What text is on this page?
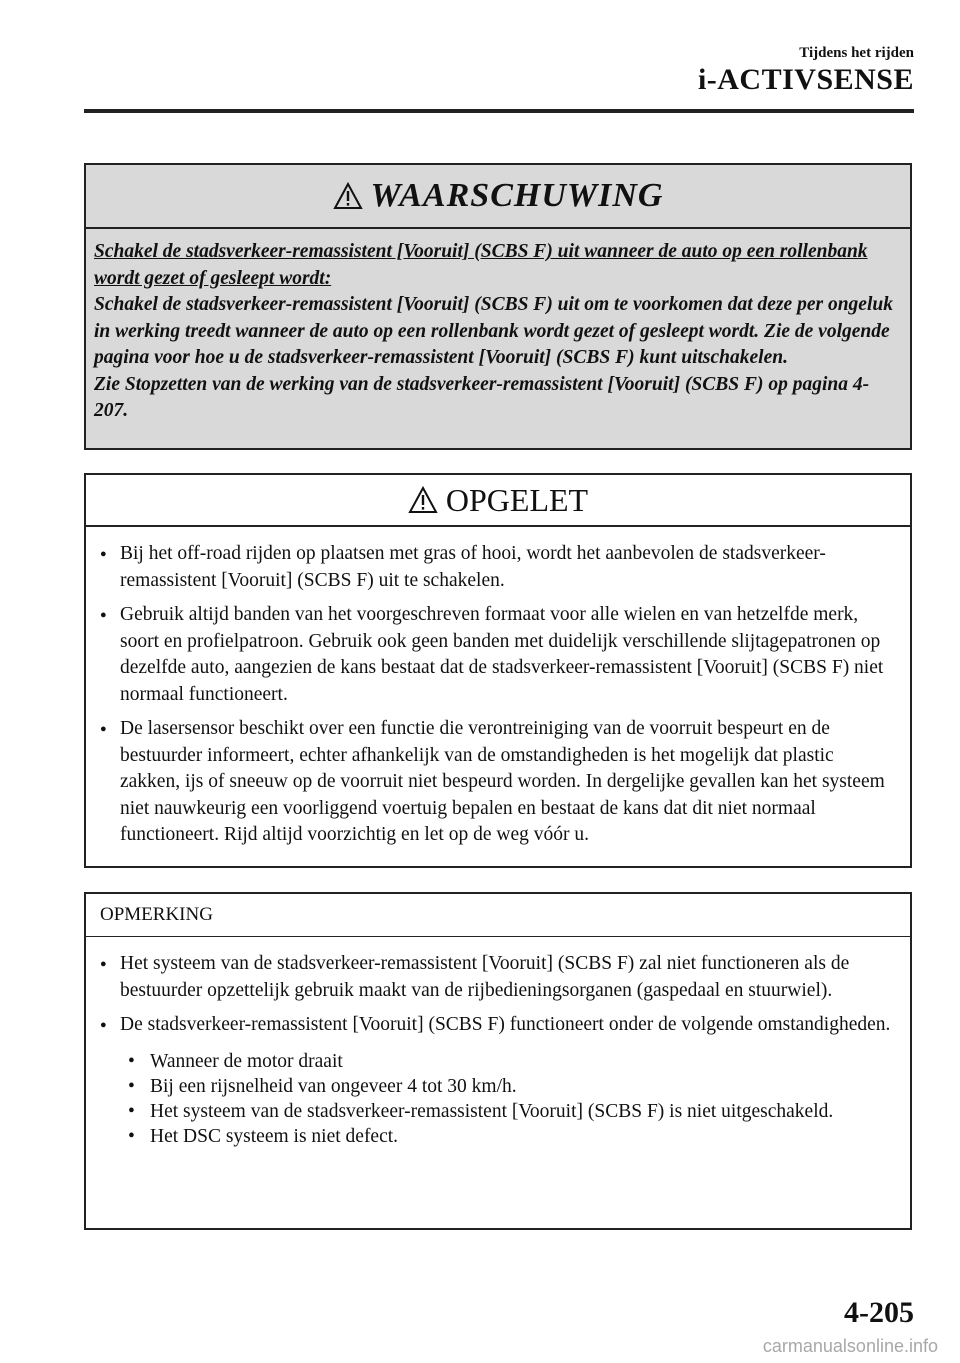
Tijdens het rijden
i-ACTIVSENSE
WAARSCHUWING
Schakel de stadsverkeer-remassistent [Vooruit] (SCBS F) uit wanneer de auto op een rollenbank wordt gezet of gesleept wordt:
Schakel de stadsverkeer-remassistent [Vooruit] (SCBS F) uit om te voorkomen dat deze per ongeluk in werking treedt wanneer de auto op een rollenbank wordt gezet of gesleept wordt. Zie de volgende pagina voor hoe u de stadsverkeer-remassistent [Vooruit] (SCBS F) kunt uitschakelen.
Zie Stopzetten van de werking van de stadsverkeer-remassistent [Vooruit] (SCBS F) op pagina 4-207.
OPGELET
● Bij het off-road rijden op plaatsen met gras of hooi, wordt het aanbevolen de stadsverkeer-remassistent [Vooruit] (SCBS F) uit te schakelen.
● Gebruik altijd banden van het voorgeschreven formaat voor alle wielen en van hetzelfde merk, soort en profielpatroon. Gebruik ook geen banden met duidelijk verschillende slijtagepatronen op dezelfde auto, aangezien de kans bestaat dat de stadsverkeer-remassistent [Vooruit] (SCBS F) niet normaal functioneert.
● De lasersensor beschikt over een functie die verontreiniging van de voorruit bespeurt en de bestuurder informeert, echter afhankelijk van de omstandigheden is het mogelijk dat plastic zakken, ijs of sneeuw op de voorruit niet bespeurd worden. In dergelijke gevallen kan het systeem niet nauwkeurig een voorliggend voertuig bepalen en bestaat de kans dat dit niet normaal functioneert. Rijd altijd voorzichtig en let op de weg vóór u.
OPMERKING
● Het systeem van de stadsverkeer-remassistent [Vooruit] (SCBS F) zal niet functioneren als de bestuurder opzettelijk gebruik maakt van de rijbedieningsorganen (gaspedaal en stuurwiel).
● De stadsverkeer-remassistent [Vooruit] (SCBS F) functioneert onder de volgende omstandigheden.
• Wanneer de motor draait
• Bij een rijsnelheid van ongeveer 4 tot 30 km/h.
• Het systeem van de stadsverkeer-remassistent [Vooruit] (SCBS F) is niet uitgeschakeld.
• Het DSC systeem is niet defect.
4-205
carmanualsonline.info
